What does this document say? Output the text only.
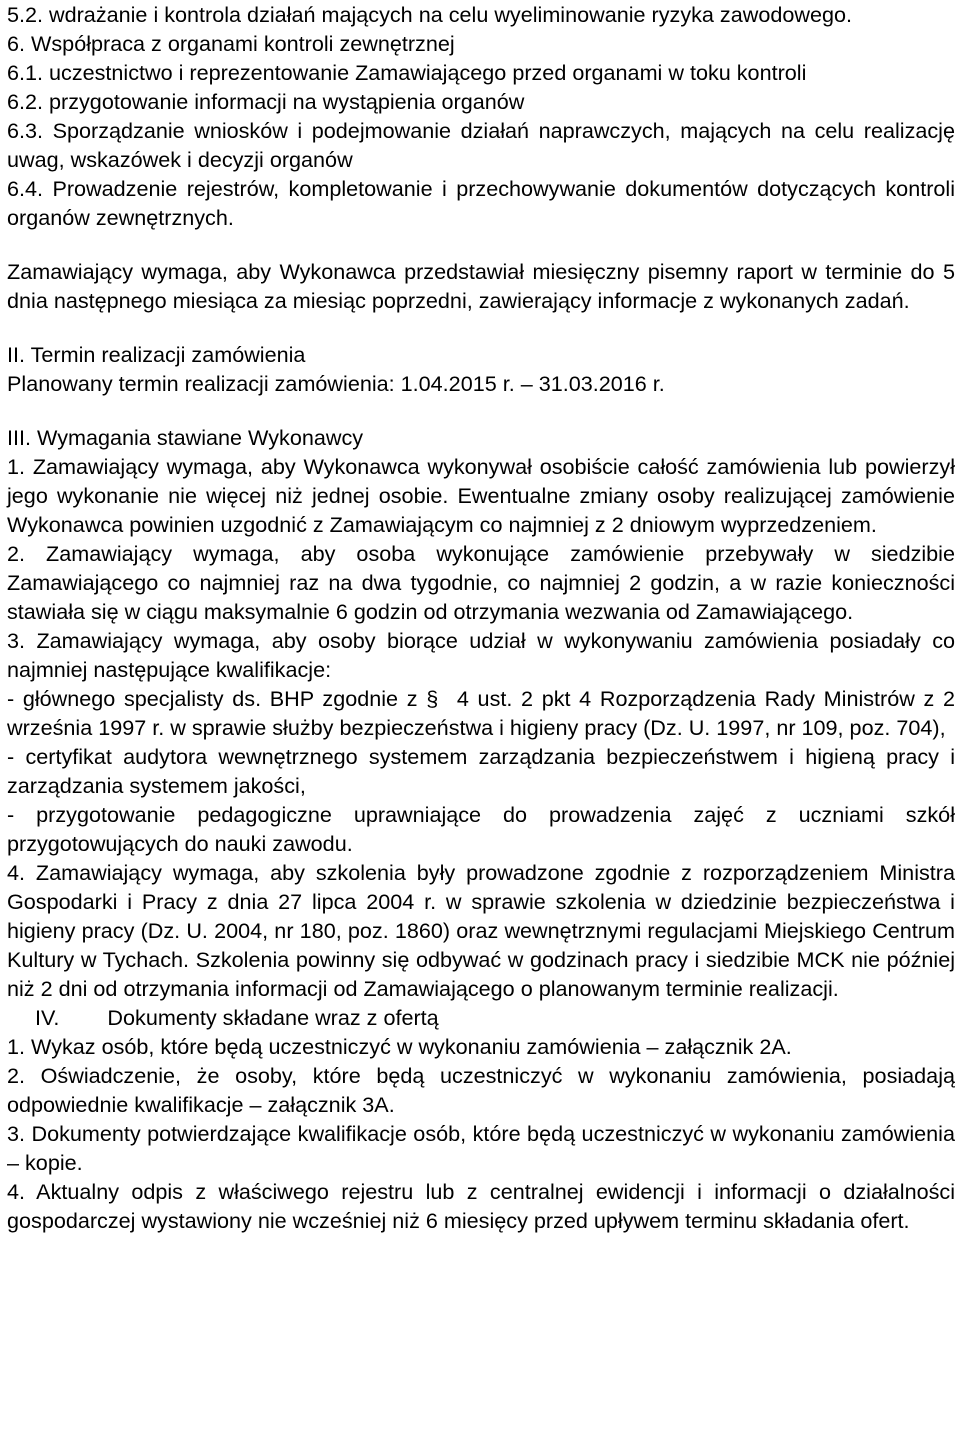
5.2. wdrażanie i kontrola działań mających na celu wyeliminowanie ryzyka zawodowego.

6. Współpraca z organami kontroli zewnętrznej

6.1. uczestnictwo i reprezentowanie Zamawiającego przed organami w toku kontroli

6.2. przygotowanie informacji na wystąpienia organów

6.3. Sporządzanie wniosków i podejmowanie działań naprawczych, mających na celu realizację uwag, wskazówek i decyzji organów

6.4. Prowadzenie rejestrów, kompletowanie i przechowywanie dokumentów dotyczących kontroli organów zewnętrznych.

Zamawiający wymaga, aby Wykonawca przedstawiał miesięczny pisemny raport w terminie do 5 dnia następnego miesiąca za miesiąc poprzedni, zawierający informacje z wykonanych zadań.

II. Termin realizacji zamówienia

Planowany termin realizacji zamówienia: 1.04.2015 r. – 31.03.2016 r.

III. Wymagania stawiane Wykonawcy

1. Zamawiający wymaga, aby Wykonawca wykonywał osobiście całość zamówienia lub powierzył jego wykonanie nie więcej niż jednej osobie. Ewentualne zmiany osoby realizującej zamówienie Wykonawca powinien uzgodnić z Zamawiającym co najmniej z 2 dniowym wyprzedzeniem.

2. Zamawiający wymaga, aby osoba wykonujące zamówienie przebywały w siedzibie Zamawiającego co najmniej raz na dwa tygodnie, co najmniej 2 godzin, a w razie konieczności stawiała się w ciągu maksymalnie 6 godzin od otrzymania wezwania od Zamawiającego.

3. Zamawiający wymaga, aby osoby biorące udział w wykonywaniu zamówienia posiadały co najmniej następujące kwalifikacje:

- głównego specjalisty ds. BHP zgodnie z § 4 ust. 2 pkt 4 Rozporządzenia Rady Ministrów z 2 września 1997 r. w sprawie służby bezpieczeństwa i higieny pracy (Dz. U. 1997, nr 109, poz. 704),

- certyfikat audytora wewnętrznego systemem zarządzania bezpieczeństwem i higieną pracy i zarządzania systemem jakości,

- przygotowanie pedagogiczne uprawniające do prowadzenia zajęć z uczniami szkół przygotowujących do nauki zawodu.

4. Zamawiający wymaga, aby szkolenia były prowadzone zgodnie z rozporządzeniem Ministra Gospodarki i Pracy z dnia 27 lipca 2004 r. w sprawie szkolenia w dziedzinie bezpieczeństwa i higieny pracy (Dz. U. 2004, nr 180, poz. 1860) oraz wewnętrznymi regulacjami Miejskiego Centrum Kultury w Tychach. Szkolenia powinny się odbywać w godzinach pracy i siedzibie MCK nie później niż 2 dni od otrzymania informacji od Zamawiającego o planowanym terminie realizacji.

IV. Dokumenty składane wraz z ofertą

1. Wykaz osób, które będą uczestniczyć w wykonaniu zamówienia – załącznik 2A.

2. Oświadczenie, że osoby, które będą uczestniczyć w wykonaniu zamówienia, posiadają odpowiednie kwalifikacje – załącznik 3A.

3. Dokumenty potwierdzające kwalifikacje osób, które będą uczestniczyć w wykonaniu zamówienia – kopie.

4. Aktualny odpis z właściwego rejestru lub z centralnej ewidencji i informacji o działalności gospodarczej wystawiony nie wcześniej niż 6 miesięcy przed upływem terminu składania ofert.
